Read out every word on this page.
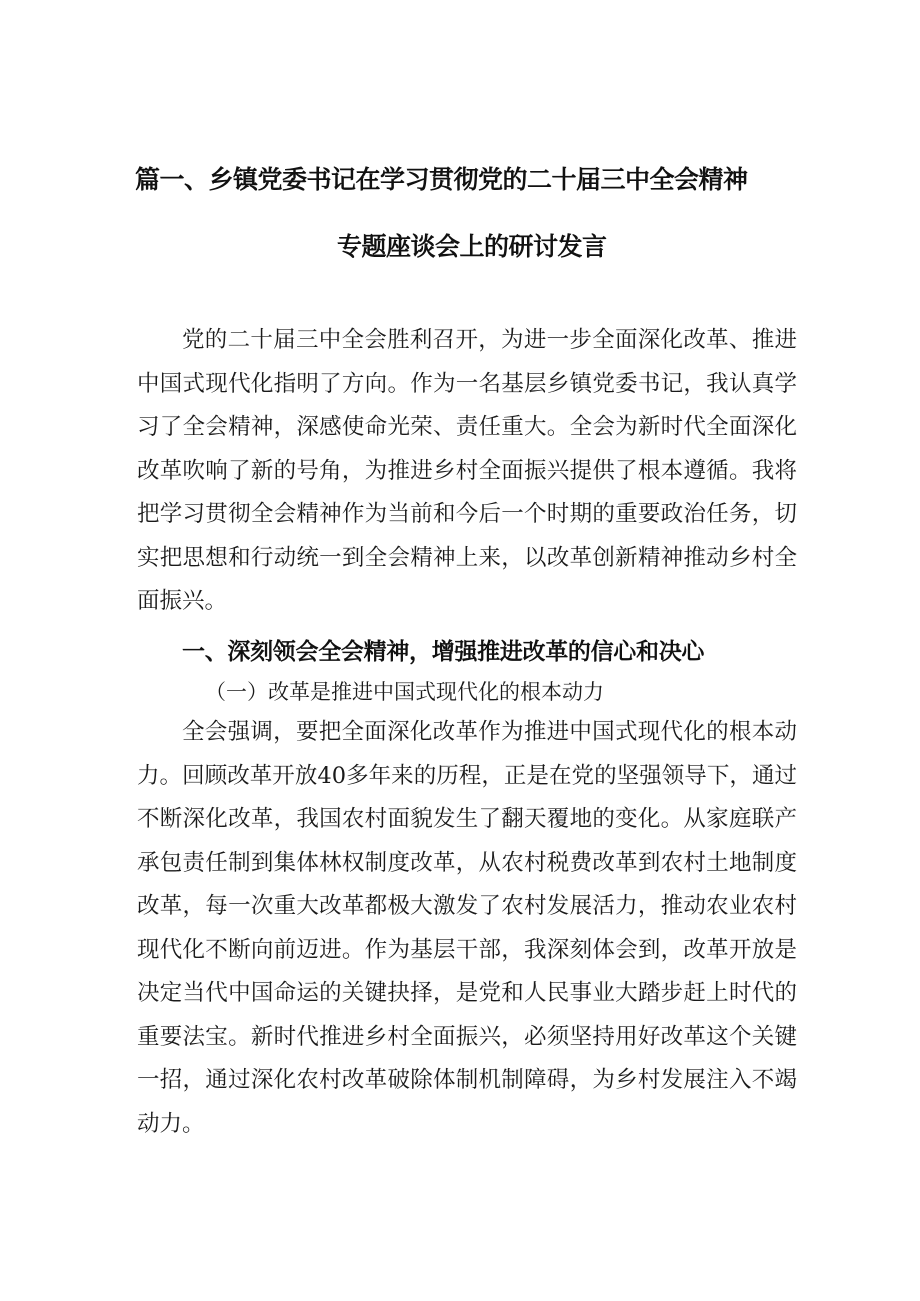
篇一、乡镇党委书记在学习贯彻党的二十届三中全会精神
专题座谈会上的研讨发言

党的二十届三中全会胜利召开，为进一步全面深化改革、推进中国式现代化指明了方向。作为一名基层乡镇党委书记，我认真学习了全会精神，深感使命光荣、责任重大。全会为新时代全面深化改革吹响了新的号角，为推进乡村全面振兴提供了根本遵循。我将把学习贯彻全会精神作为当前和今后一个时期的重要政治任务，切实把思想和行动统一到全会精神上来，以改革创新精神推动乡村全面振兴。

一、深刻领会全会精神，增强推进改革的信心和决心
（一）改革是推进中国式现代化的根本动力

全会强调，要把全面深化改革作为推进中国式现代化的根本动力。回顾改革开放40多年来的历程，正是在党的坚强领导下，通过不断深化改革，我国农村面貌发生了翻天覆地的变化。从家庭联产承包责任制到集体林权制度改革，从农村税费改革到农村土地制度改革，每一次重大改革都极大激发了农村发展活力，推动农业农村现代化不断向前迈进。作为基层干部，我深刻体会到，改革开放是决定当代中国命运的关键抉择，是党和人民事业大踏步赶上时代的重要法宝。新时代推进乡村全面振兴，必须坚持用好改革这个关键一招，通过深化农村改革破除体制机制障碍，为乡村发展注入不竭动力。
